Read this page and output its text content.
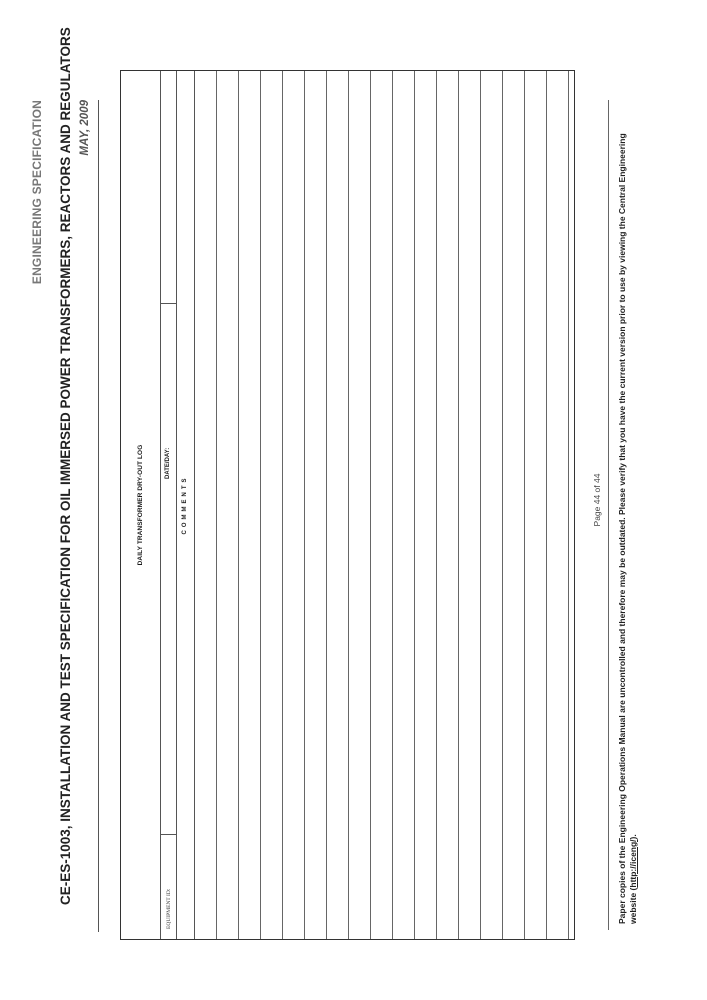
ENGINEERING SPECIFICATION CE-ES-1003, INSTALLATION AND TEST SPECIFICATION FOR OIL IMMERSED POWER TRANSFORMERS, REACTORS AND REGULATORS MAY, 2009
DAILY TRANSFORMER DRY-OUT LOG
EQUIPMENT ID:
DATE/DAY:
COMMENTS	Page 44 of 44 Paper copies of the Engineering Operations Manual are uncontrolled and therefore may be outdated. Please verify that you have the current version prior to use by viewing the Central Engineering website (http://iceng/).
